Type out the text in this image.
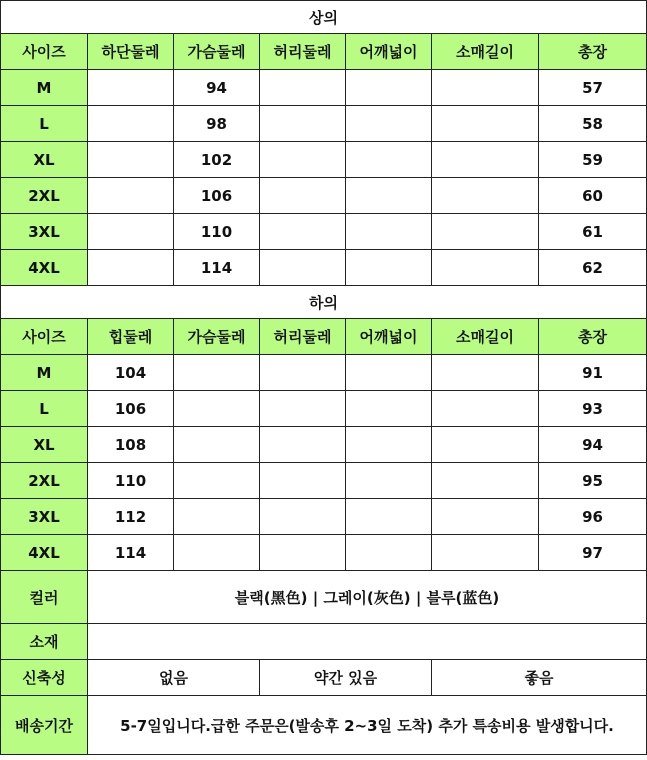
상의						
사이즈	하단둘레	가슴둘레	허리둘레	어깨넓이	소매길이	총장
M		94				57
L		98				58
XL		102				59
2XL		106				60
3XL		110				61
4XL		114				62
하의						
사이즈	힙둘레	가슴둘레	허리둘레	어깨넓이	소매길이	총장
M	104					91
L	106					93
XL	108					94
2XL	110					95
3XL	112					96
4XL	114					97
컬러	블랙(黑色) | 그레이(灰色) | 블루(蓝色)					
소재						
신축성	없음		약간 있음		좋음	
배송기간	5-7일입니다.급한 주문은(발송후 2~3일 도착) 추가 특송비용 발생합니다.					
